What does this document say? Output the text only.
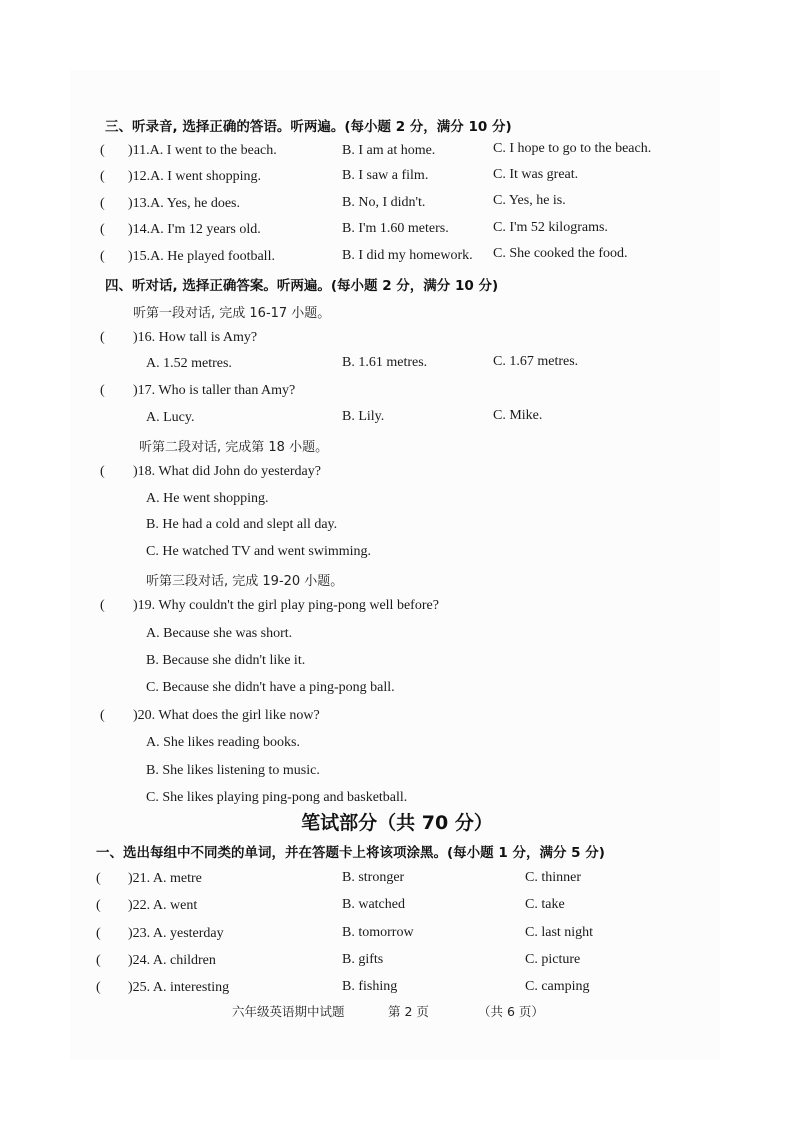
三、听录音, 选择正确的答语。听两遍。(每小题 2 分，满分 10 分)
( )11.A. I went to the beach.	B. I am at home.	C. I hope to go to the beach.
( )12.A. I went shopping.	B. I saw a film.	C. It was great.
( )13.A. Yes, he does.	B. No, I didn't.	C. Yes, he is.
( )14.A. I'm 12 years old.	B. I'm 1.60 meters.	C. I'm 52 kilograms.
( )15.A. He played football.	B. I did my homework. C. She cooked the food.
四、听对话, 选择正确答案。听两遍。(每小题 2 分，满分 10 分)
听第一段对话, 完成 16-17 小题。
( )16. How tall is Amy?
A. 1.52 metres.	B. 1.61 metres.	C. 1.67 metres.
( )17. Who is taller than Amy?
A. Lucy.	B. Lily.	C. Mike.
听第二段对话, 完成第 18 小题。
( )18. What did John do yesterday?
A. He went shopping.
B. He had a cold and slept all day.
C. He watched TV and went swimming.
听第三段对话, 完成 19-20 小题。
( )19. Why couldn't the girl play ping-pong well before?
A. Because she was short.
B. Because she didn't like it.
C. Because she didn't have a ping-pong ball.
( )20. What does the girl like now?
A. She likes reading books.
B. She likes listening to music.
C. She likes playing ping-pong and basketball.
笔试部分（共 70 分）
一、选出每组中不同类的单词，并在答题卡上将该项涂黑。(每小题 1 分，满分 5 分)
( )21. A. metre	B. stronger	C. thinner
( )22. A. went	B. watched	C. take
( )23. A. yesterday	B. tomorrow	C. last night
( )24. A. children	B. gifts	C. picture
( )25. A. interesting	B. fishing	C. camping
六年级英语期中试题	第 2 页	（共 6 页）
